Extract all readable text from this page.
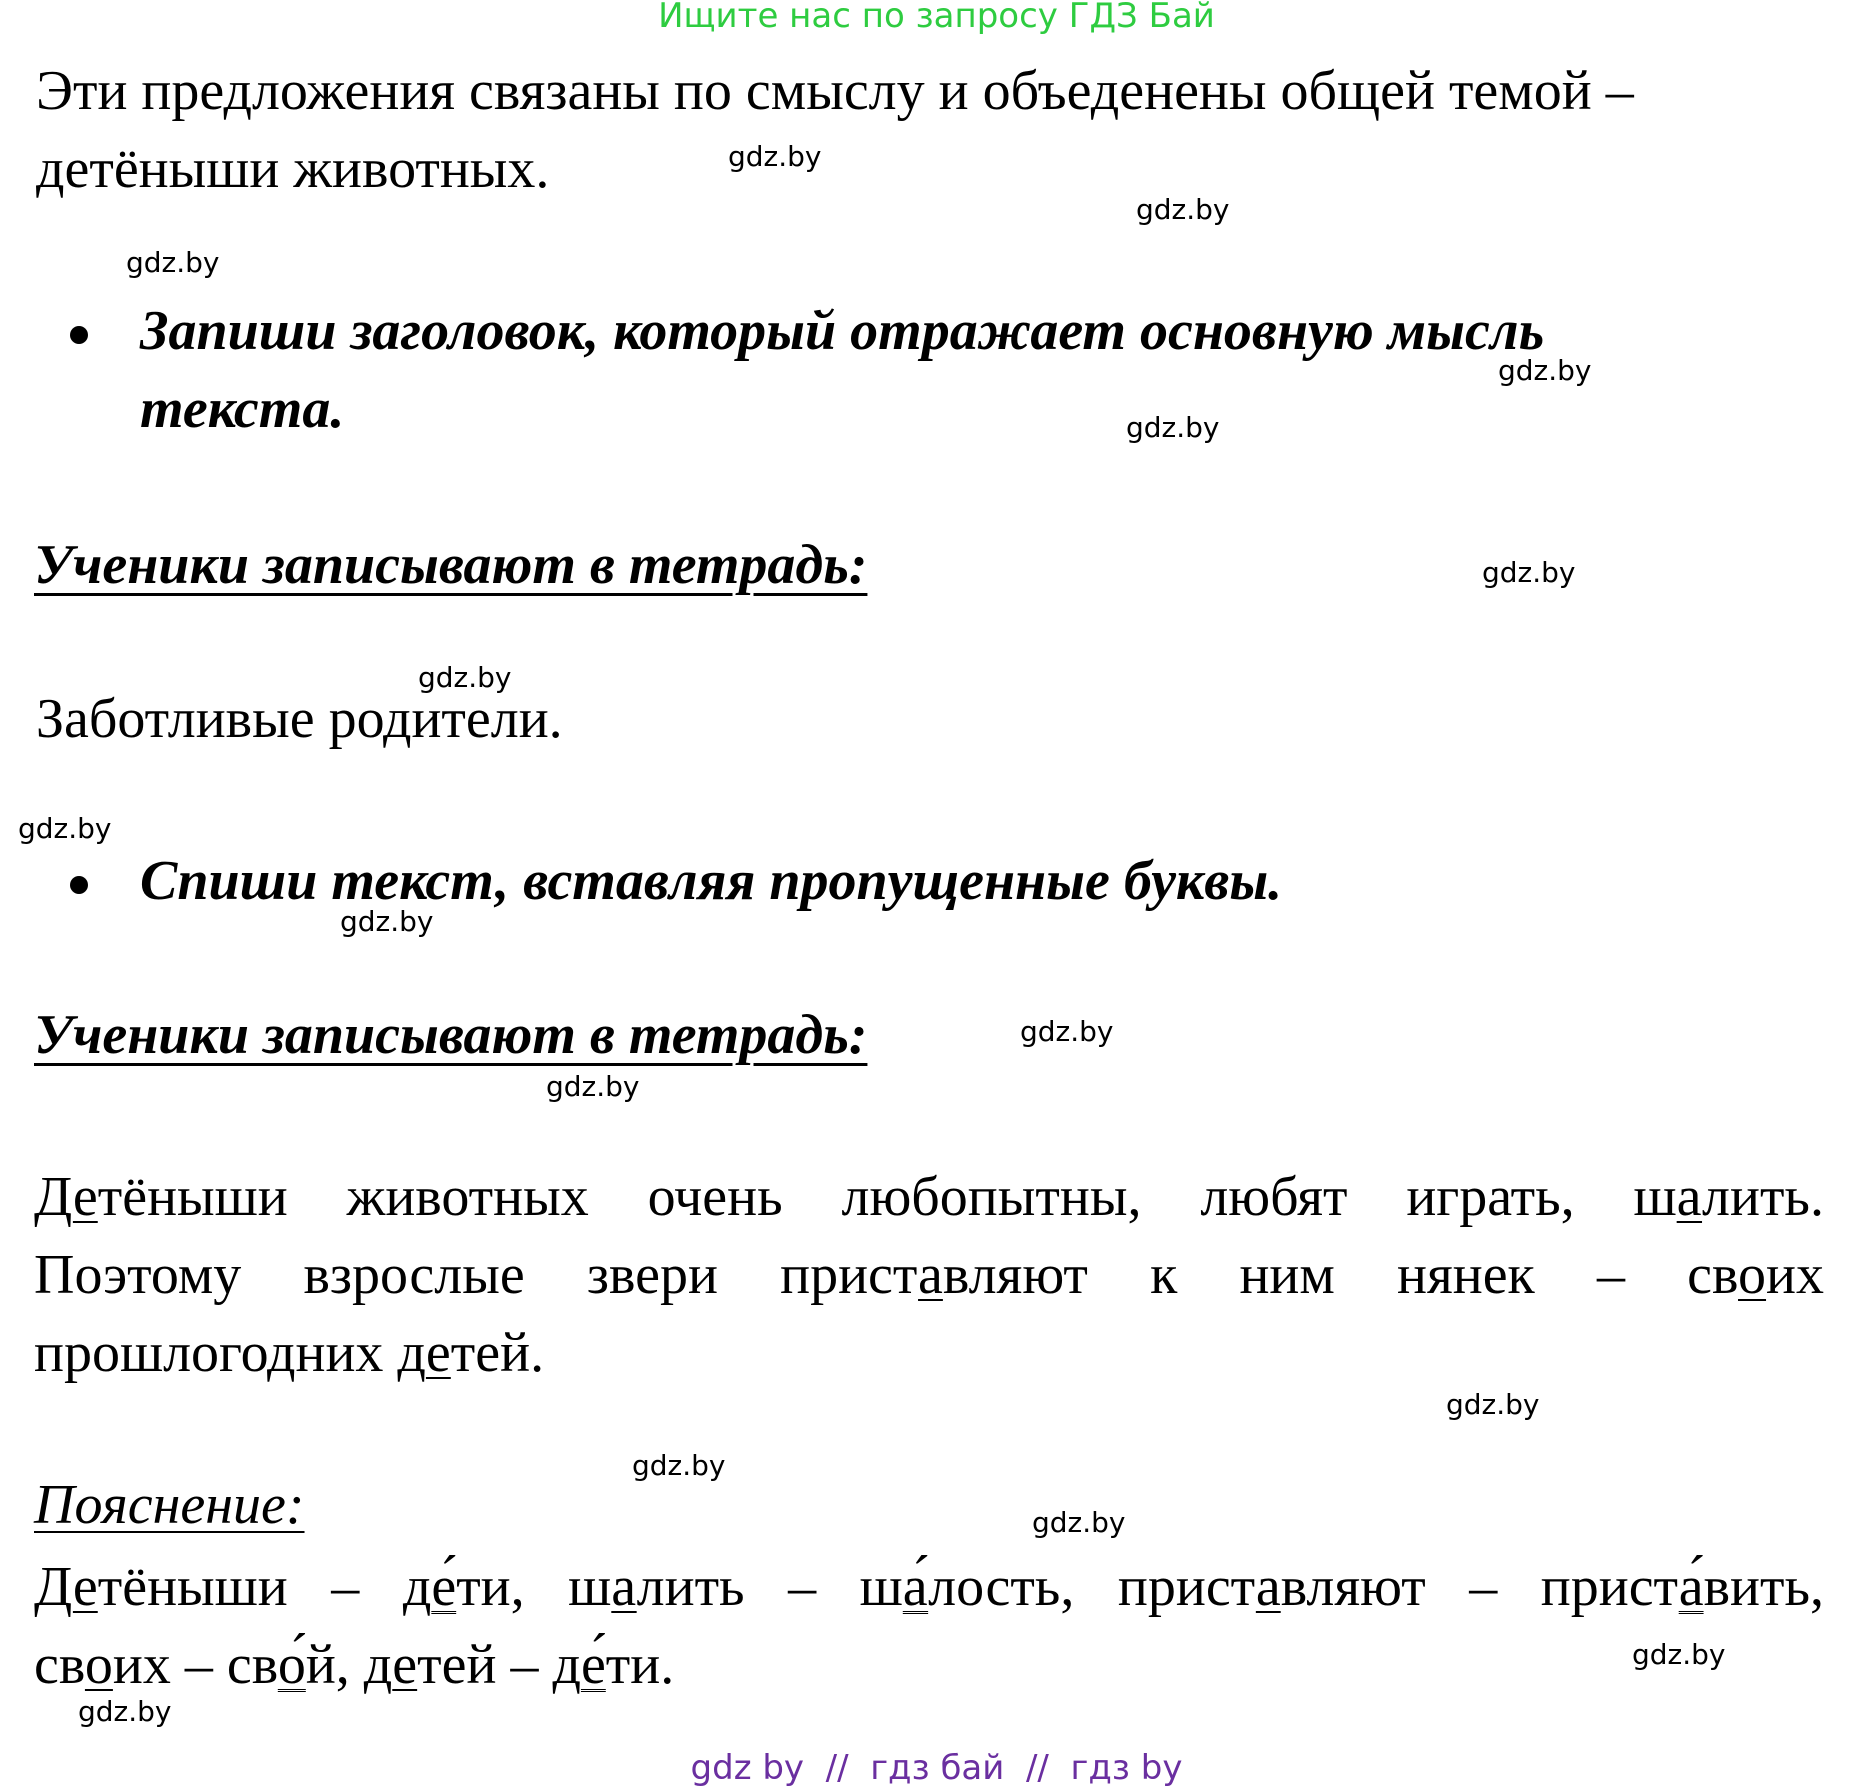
Ищите нас по запросу ГДЗ Бай
Эти предложения связаны по смыслу и объеденены общей темой –
детёныши животных.
Запиши заголовок, который отражает основную мысль
текста.
Ученики записывают в тетрадь:
Заботливые родители.
Спиши текст, вставляя пропущенные буквы.
Ученики записывают в тетрадь:
Детёныши животных очень любопытны, любят играть, шалить.
Поэтому взрослые звери приставляют к ним нянек – своих
прошлогодних детей.
Пояснение:
Детёныши – де́ти, шалить – ша́лость, приставляют – приста́вить,
своих – сво́й, детей – де́ти.
gdz.by
gdz.by
gdz.by
gdz.by
gdz.by
gdz.by
gdz.by
gdz.by
gdz.by
gdz.by
gdz.by
gdz.by
gdz.by
gdz.by
gdz.by
gdz.by
gdz by  //  гдз бай  //  гдз by
